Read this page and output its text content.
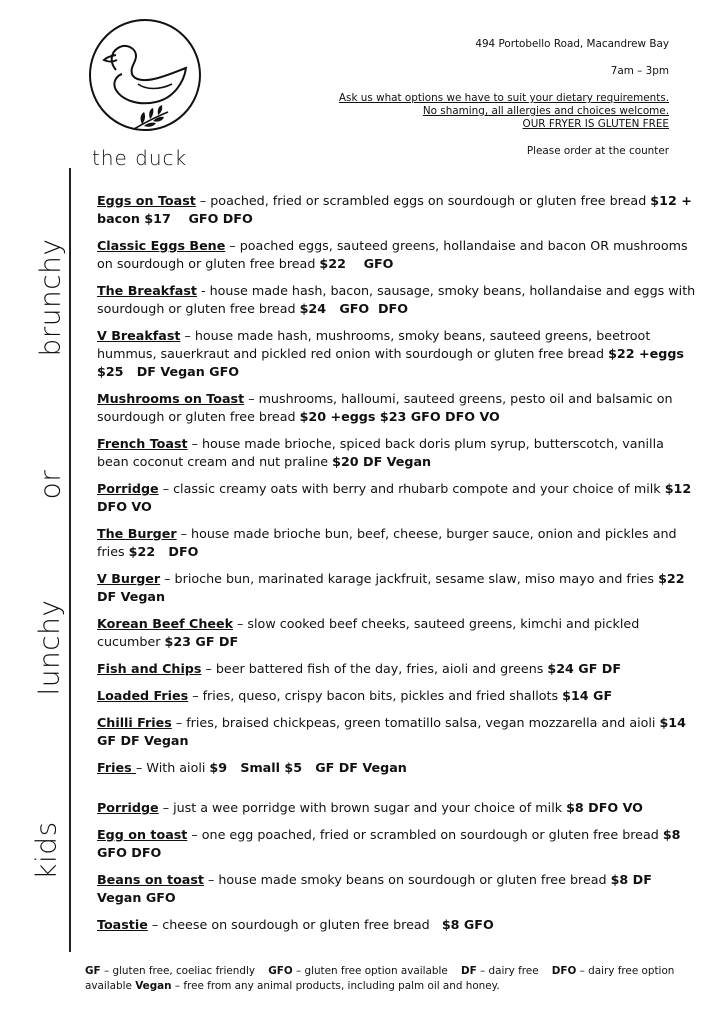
the duck
494 Portobello Road, Macandrew Bay
7am – 3pm
Ask us what options we have to suit your dietary requirements.
No shaming, all allergies and choices welcome.
OUR FRYER IS GLUTEN FREE
Please order at the counter
brunchy
or
lunchy
kids
Eggs on Toast – poached, fried or scrambled eggs on sourdough or gluten free bread $12 + bacon $17    GFO DFO
Classic Eggs Bene – poached eggs, sauteed greens, hollandaise and bacon OR mushrooms on sourdough or gluten free bread $22    GFO
The Breakfast - house made hash, bacon, sausage, smoky beans, hollandaise and eggs with sourdough or gluten free bread $24   GFO  DFO
V Breakfast – house made hash, mushrooms, smoky beans, sauteed greens, beetroot hummus, sauerkraut and pickled red onion with sourdough or gluten free bread $22 +eggs $25   DF Vegan GFO
Mushrooms on Toast – mushrooms, halloumi, sauteed greens, pesto oil and balsamic on sourdough or gluten free bread $20 +eggs $23 GFO DFO VO
French Toast – house made brioche, spiced back doris plum syrup, butterscotch, vanilla bean coconut cream and nut praline $20 DF Vegan
Porridge – classic creamy oats with berry and rhubarb compote and your choice of milk $12 DFO VO
The Burger – house made brioche bun, beef, cheese, burger sauce, onion and pickles and fries $22   DFO
V Burger – brioche bun, marinated karage jackfruit, sesame slaw, miso mayo and fries $22 DF Vegan
Korean Beef Cheek – slow cooked beef cheeks, sauteed greens, kimchi and pickled cucumber $23 GF DF
Fish and Chips – beer battered fish of the day, fries, aioli and greens $24 GF DF
Loaded Fries – fries, queso, crispy bacon bits, pickles and fried shallots $14 GF
Chilli Fries – fries, braised chickpeas, green tomatillo salsa, vegan mozzarella and aioli $14 GF DF Vegan
Fries – With aioli $9   Small $5   GF DF Vegan
Porridge – just a wee porridge with brown sugar and your choice of milk $8 DFO VO
Egg on toast – one egg poached, fried or scrambled on sourdough or gluten free bread $8 GFO DFO
Beans on toast – house made smoky beans on sourdough or gluten free bread $8 DF Vegan GFO
Toastie – cheese on sourdough or gluten free bread   $8 GFO
GF – gluten free, coeliac friendly    GFO – gluten free option available    DF – dairy free    DFO – dairy free option available Vegan – free from any animal products, including palm oil and honey.
